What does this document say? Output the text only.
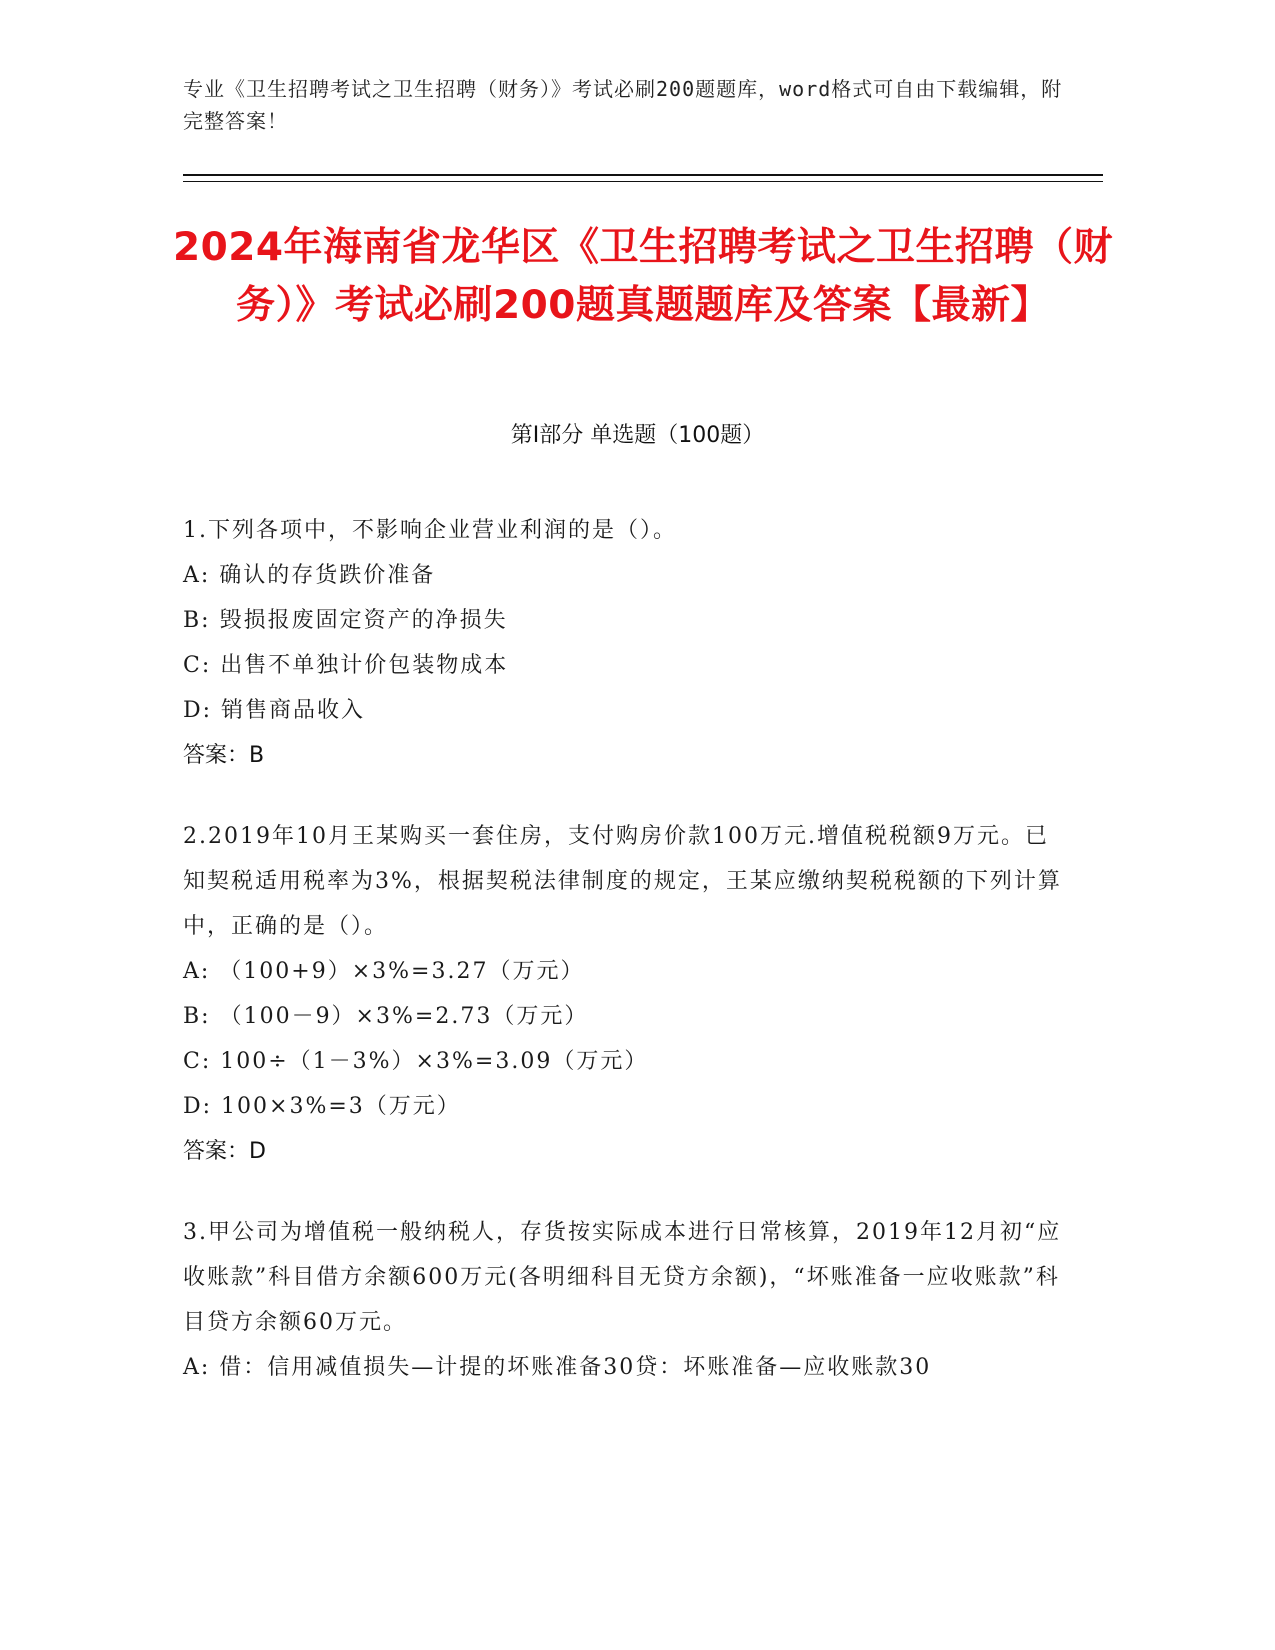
专业《卫生招聘考试之卫生招聘（财务）》考试必刷200题题库，word格式可自由下载编辑，附完整答案！
2024年海南省龙华区《卫生招聘考试之卫生招聘（财务）》考试必刷200题真题题库及答案【最新】
第I部分 单选题（100题）
1.下列各项中，不影响企业营业利润的是（）。
A: 确认的存货跌价准备
B: 毁损报废固定资产的净损失
C: 出售不单独计价包装物成本
D: 销售商品收入
答案：B
2.2019年10月王某购买一套住房，支付购房价款100万元.增值税税额9万元。已知契税适用税率为3%，根据契税法律制度的规定，王某应缴纳契税税额的下列计算中，正确的是（）。
A: （100+9）×3%=3.27（万元）
B: （100－9）×3%=2.73（万元）
C: 100÷（1－3%）×3%=3.09（万元）
D: 100×3%=3（万元）
答案：D
3.甲公司为增值税一般纳税人，存货按实际成本进行日常核算，2019年12月初“应收账款”科目借方余额600万元(各明细科目无贷方余额)，“坏账准备一应收账款”科目贷方余额60万元。
A: 借：信用减值损失—计提的坏账准备30贷：坏账准备—应收账款30
